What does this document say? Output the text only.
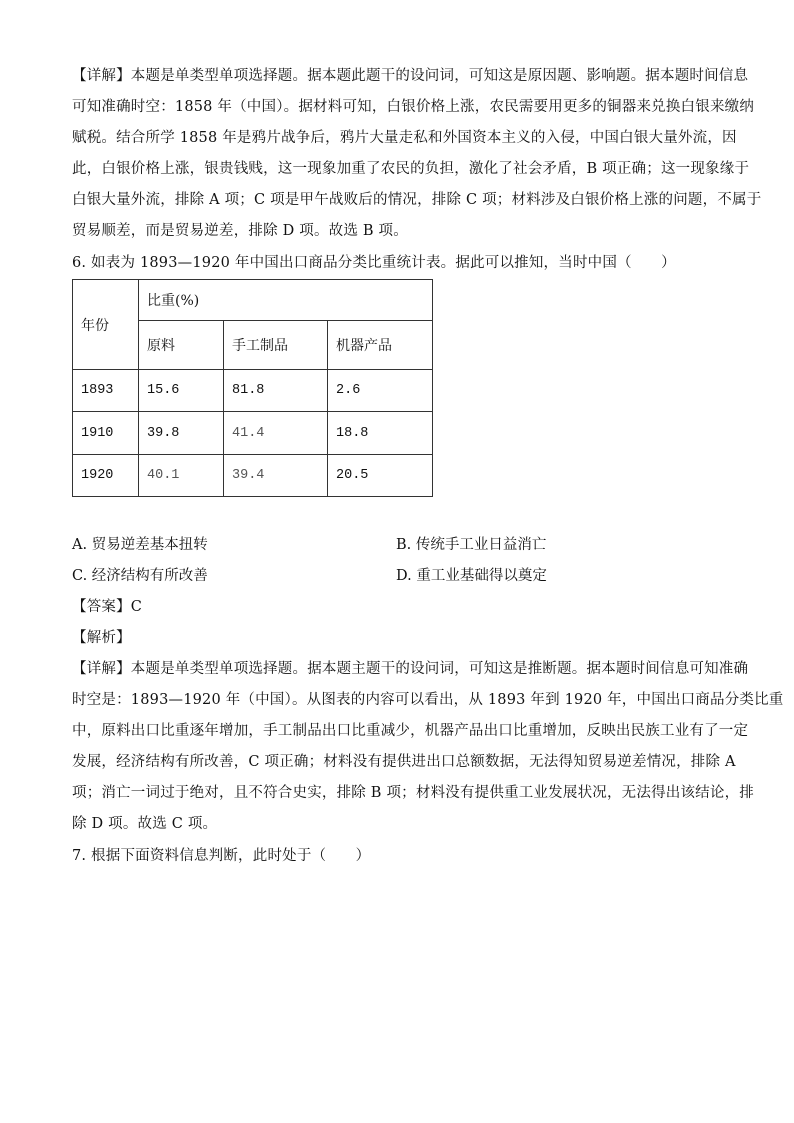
【详解】本题是单类型单项选择题。据本题此题干的设问词，可知这是原因题、影响题。据本题时间信息
可知准确时空：1858 年（中国）。据材料可知，白银价格上涨，农民需要用更多的铜器来兑换白银来缴纳
赋税。结合所学 1858 年是鸦片战争后，鸦片大量走私和外国资本主义的入侵，中国白银大量外流，因
此，白银价格上涨，银贵钱贱，这一现象加重了农民的负担，激化了社会矛盾，B 项正确；这一现象缘于
白银大量外流，排除 A 项；C 项是甲午战败后的情况，排除 C 项；材料涉及白银价格上涨的问题，不属于
贸易顺差，而是贸易逆差，排除 D 项。故选 B 项。
6. 如表为 1893—1920 年中国出口商品分类比重统计表。据此可以推知，当时中国（　　）
年份	比重(%)		
	原料	手工制品	机器产品
1893	15.6	81.8	2.6
1910	39.8	41.4	18.8
1920	40.1	39.4	20.5
A. 贸易逆差基本扭转	B. 传统手工业日益消亡
C. 经济结构有所改善	D. 重工业基础得以奠定
【答案】C
【解析】
【详解】本题是单类型单项选择题。据本题主题干的设问词，可知这是推断题。据本题时间信息可知准确
时空是：1893—1920 年（中国）。从图表的内容可以看出，从 1893 年到 1920 年，中国出口商品分类比重
中，原料出口比重逐年增加，手工制品出口比重减少，机器产品出口比重增加，反映出民族工业有了一定
发展，经济结构有所改善，C 项正确；材料没有提供进出口总额数据，无法得知贸易逆差情况，排除 A
项；消亡一词过于绝对，且不符合史实，排除 B 项；材料没有提供重工业发展状况，无法得出该结论，排
除 D 项。故选 C 项。
7. 根据下面资料信息判断，此时处于（　　）
